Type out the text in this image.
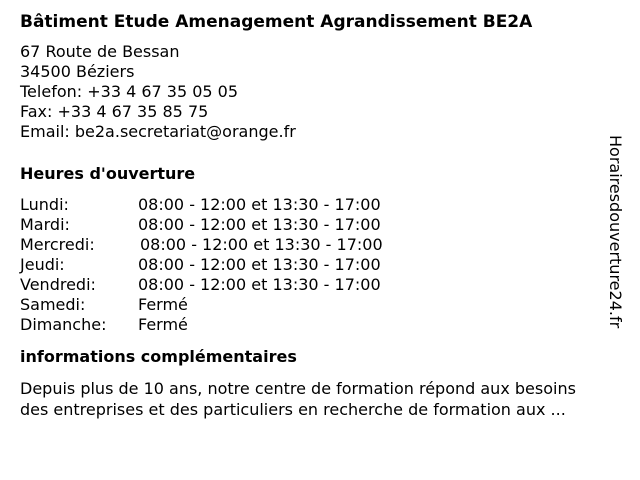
Bâtiment Etude Amenagement Agrandissement BE2A
67 Route de Bessan
34500 Béziers
Telefon: +33 4 67 35 05 05
Fax: +33 4 67 35 85 75
Email: be2a.secretariat@orange.fr
Heures d'ouverture
Lundi:	08:00 - 12:00 et 13:30 - 17:00
Mardi:	08:00 - 12:00 et 13:30 - 17:00
Mercredi:	08:00 - 12:00 et 13:30 - 17:00
Jeudi:	08:00 - 12:00 et 13:30 - 17:00
Vendredi:	08:00 - 12:00 et 13:30 - 17:00
Samedi:	Fermé
Dimanche: Fermé
informations complémentaires
Depuis plus de 10 ans, notre centre de formation répond aux besoins
des entreprises et des particuliers en recherche de formation aux ...
Horairesdouverture24.fr
